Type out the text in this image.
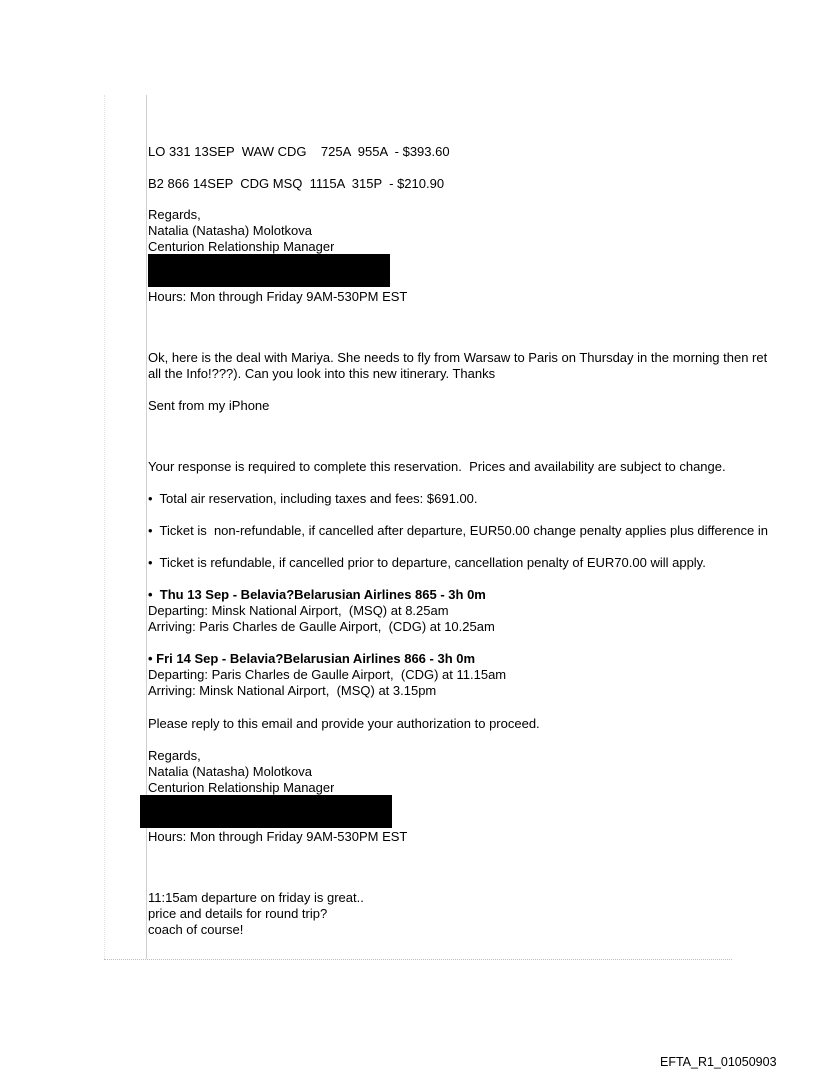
LO 331 13SEP  WAW CDG    725A  955A  - $393.60
B2 866 14SEP  CDG MSQ  1115A  315P  - $210.90
Regards,
Natalia (Natasha) Molotkova
Centurion Relationship Manager
Hours: Mon through Friday 9AM-530PM EST
Ok, here is the deal with Mariya. She needs to fly from Warsaw to Paris on Thursday in the morning then ret
all the Info!???). Can you look into this new itinerary. Thanks
Sent from my iPhone
Your response is required to complete this reservation.  Prices and availability are subject to change.
•  Total air reservation, including taxes and fees: $691.00.
•  Ticket is  non-refundable, if cancelled after departure, EUR50.00 change penalty applies plus difference in
•  Ticket is refundable, if cancelled prior to departure, cancellation penalty of EUR70.00 will apply.
•  Thu 13 Sep - Belavia?Belarusian Airlines 865 - 3h 0m
Departing: Minsk National Airport,  (MSQ) at 8.25am
Arriving: Paris Charles de Gaulle Airport,  (CDG) at 10.25am
• Fri 14 Sep - Belavia?Belarusian Airlines 866 - 3h 0m
Departing: Paris Charles de Gaulle Airport,  (CDG) at 11.15am
Arriving: Minsk National Airport,  (MSQ) at 3.15pm
Please reply to this email and provide your authorization to proceed.
Regards,
Natalia (Natasha) Molotkova
Centurion Relationship Manager
Hours: Mon through Friday 9AM-530PM EST
11:15am departure on friday is great..
price and details for round trip?
coach of course!
EFTA_R1_01050903
